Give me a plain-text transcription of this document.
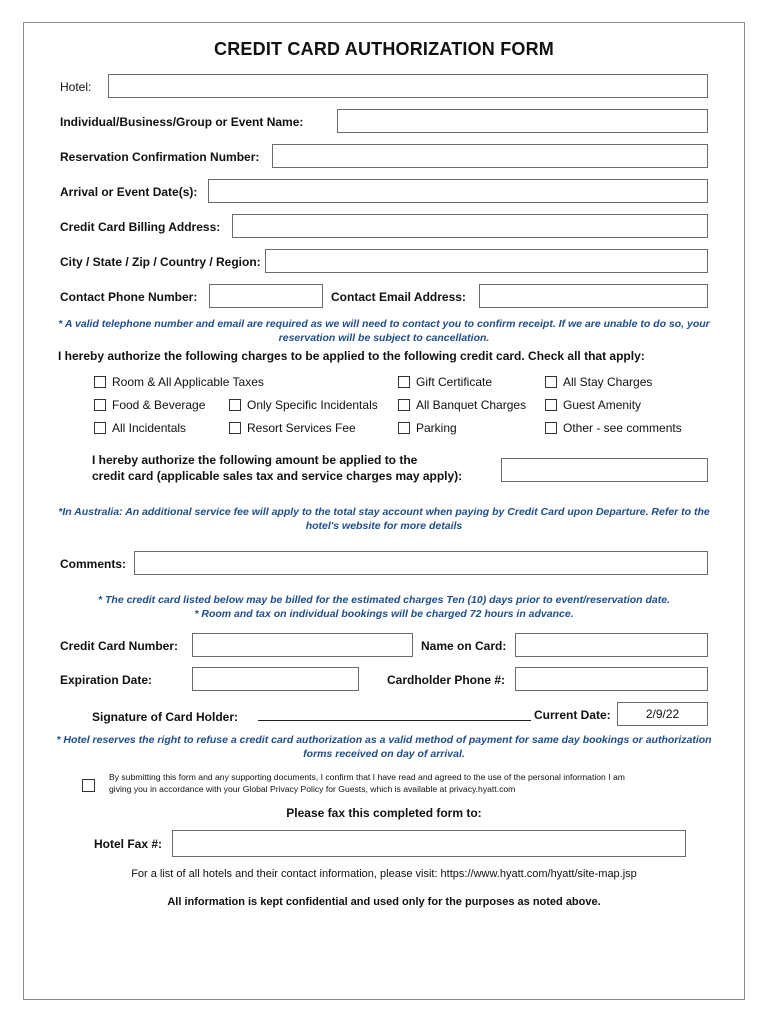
CREDIT CARD AUTHORIZATION FORM
Hotel:
Individual/Business/Group or Event Name:
Reservation Confirmation Number:
Arrival or Event Date(s):
Credit Card Billing Address:
City / State / Zip / Country / Region:
Contact Phone Number:	Contact Email Address:
* A valid telephone number and email are required as we will need to contact you to confirm receipt. If we are unable to do so, your
reservation will be subject to cancellation.
I hereby authorize the following charges to be applied to the following credit card. Check all that apply:
Room & All Applicable Taxes
Food & Beverage
All Incidentals
Only Specific Incidentals
Resort Services Fee
Gift Certificate
All Banquet Charges
Parking
All Stay Charges
Guest Amenity
Other - see comments
I hereby authorize the following amount be applied to the
credit card (applicable sales tax and service charges may apply):
*In Australia: An additional service fee will apply to the total stay account when paying by Credit Card upon Departure. Refer to the
hotel's website for more details
Comments:
* The credit card listed below may be billed for the estimated charges Ten (10) days prior to event/reservation date.
* Room and tax on individual bookings will be charged 72 hours in advance.
Credit Card Number:	Name on Card:
Expiration Date:	Cardholder Phone #:
Signature of Card Holder:	Current Date:	2/9/22
* Hotel reserves the right to refuse a credit card authorization as a valid method of payment for same day bookings or authorization
forms received on day of arrival.
By submitting this form and any supporting documents, I confirm that I have read and agreed to the use of the personal information I am
giving you in accordance with your Global Privacy Policy for Guests, which is available at privacy.hyatt.com
Please fax this completed form to:
Hotel Fax #:
For a list of all hotels and their contact information, please visit: https://www.hyatt.com/hyatt/site-map.jsp
All information is kept confidential and used only for the purposes as noted above.
